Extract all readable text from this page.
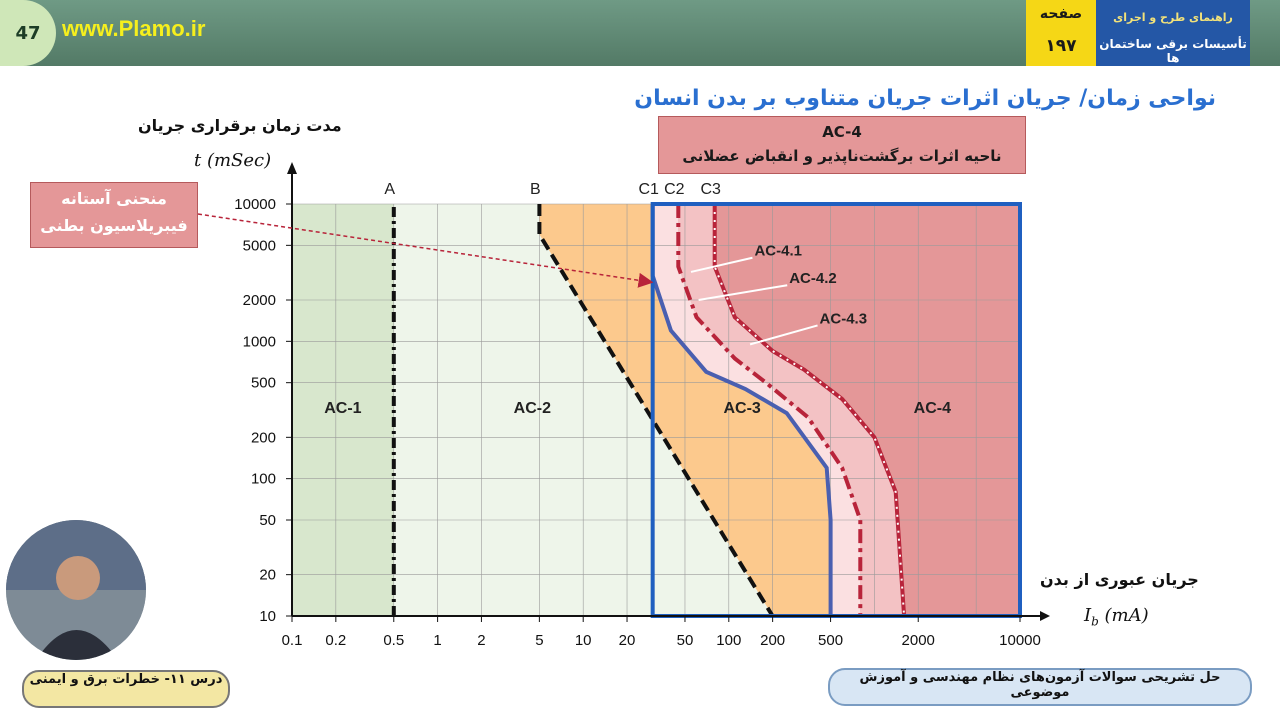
47 www.Plamo.ir
صفحه
۱۹۷
راهنمای طرح و اجرای
تأسیسات برقی ساختمان ها
نواحی زمان/ جریان اثرات جریان متناوب بر بدن انسان
مدت زمان برقراری جریان
t (mSec)
جریان عبوری از بدن
$I_b$ (mA)
0.1 0.2 0.5 1 2	5 10 20	50 100 200 500	2000	10000
10000
5000
2000
1000
500
200
100
50
20
10
AC-1	AC-2	AC-3	AC-4
A	B	C1 C2 C3
AC-4.1
AC-4.2
AC-4.3
AC-4
ناحیه اثرات برگشت‌ناپذیر و انقباض عضلانی
منحنی آستانه
فیبریلاسیون بطنی
درس ۱۱- خطرات برق و ایمنی	حل تشریحی سوالات آزمون‌های نظام مهندسی و آموزش موضوعی
